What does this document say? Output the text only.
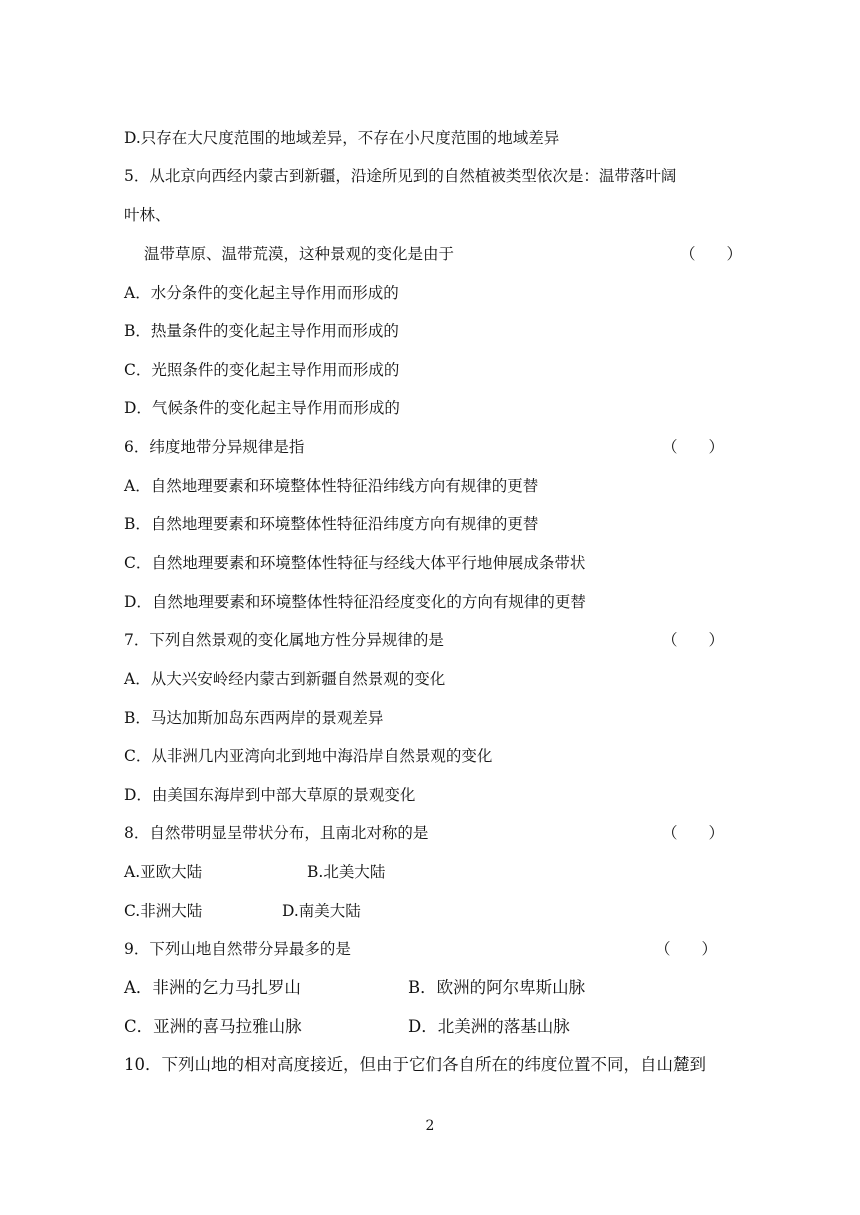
D.只存在大尺度范围的地域差异，不存在小尺度范围的地域差异
5．从北京向西经内蒙古到新疆，沿途所见到的自然植被类型依次是：温带落叶阔
叶林、
温带草原、温带荒漠，这种景观的变化是由于	（　　）
A．水分条件的变化起主导作用而形成的
B．热量条件的变化起主导作用而形成的
C．光照条件的变化起主导作用而形成的
D．气候条件的变化起主导作用而形成的
6．纬度地带分异规律是指	（　　）
A．自然地理要素和环境整体性特征沿纬线方向有规律的更替
B．自然地理要素和环境整体性特征沿纬度方向有规律的更替
C．自然地理要素和环境整体性特征与经线大体平行地伸展成条带状
D．自然地理要素和环境整体性特征沿经度变化的方向有规律的更替
7．下列自然景观的变化属地方性分异规律的是	（　　）
A．从大兴安岭经内蒙古到新疆自然景观的变化
B．马达加斯加岛东西两岸的景观差异
C．从非洲几内亚湾向北到地中海沿岸自然景观的变化
D．由美国东海岸到中部大草原的景观变化
8．自然带明显呈带状分布，且南北对称的是	（　　）
A.亚欧大陆	B.北美大陆
C.非洲大陆	D.南美大陆
9．下列山地自然带分异最多的是	（　　）
A．非洲的乞力马扎罗山	B．欧洲的阿尔卑斯山脉
C．亚洲的喜马拉雅山脉	D．北美洲的落基山脉
10．下列山地的相对高度接近，但由于它们各自所在的纬度位置不同，自山麓到
2
